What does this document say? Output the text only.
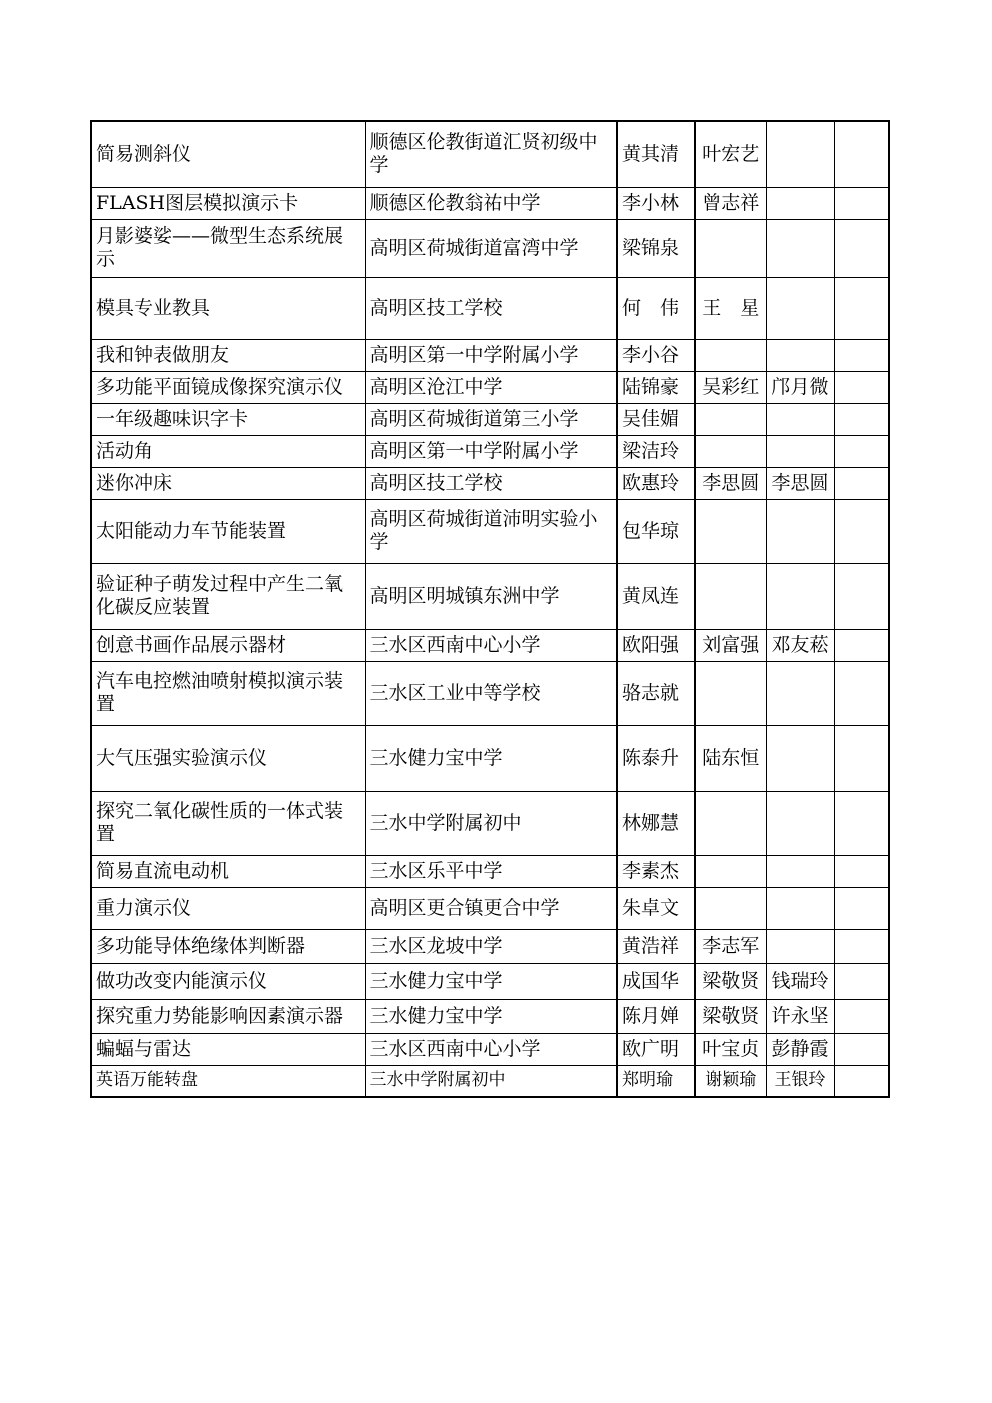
简易测斜仪	顺德区伦教街道汇贤初级中学	黄其清	叶宏艺		
FLASH图层模拟演示卡	顺德区伦教翁祐中学	李小林	曾志祥		
月影婆娑——微型生态系统展示	高明区荷城街道富湾中学	梁锦泉			
模具专业教具	高明区技工学校	何　伟	王　星		
我和钟表做朋友	高明区第一中学附属小学	李小谷			
多功能平面镜成像探究演示仪	高明区沧江中学	陆锦豪	吴彩红	邝月微	
一年级趣味识字卡	高明区荷城街道第三小学	吴佳媚			
活动角	高明区第一中学附属小学	梁洁玲			
迷你冲床	高明区技工学校	欧惠玲	李思圆	李思圆	
太阳能动力车节能装置	高明区荷城街道沛明实验小学	包华琼			
验证种子萌发过程中产生二氧化碳反应装置	高明区明城镇东洲中学	黄凤连			
创意书画作品展示器材	三水区西南中心小学	欧阳强	刘富强	邓友菘	
汽车电控燃油喷射模拟演示装置	三水区工业中等学校	骆志就			
大气压强实验演示仪	三水健力宝中学	陈泰升	陆东恒		
探究二氧化碳性质的一体式装置	三水中学附属初中	林娜慧			
简易直流电动机	三水区乐平中学	李素杰			
重力演示仪	高明区更合镇更合中学	朱卓文			
多功能导体绝缘体判断器	三水区龙坡中学	黄浩祥	李志军		
做功改变内能演示仪	三水健力宝中学	成国华	梁敬贤	钱瑞玲	
探究重力势能影响因素演示器	三水健力宝中学	陈月婵	梁敬贤	许永坚	
蝙蝠与雷达	三水区西南中心小学	欧广明	叶宝贞	彭静霞	
英语万能转盘	三水中学附属初中	郑明瑜	谢颖瑜	王银玲	
